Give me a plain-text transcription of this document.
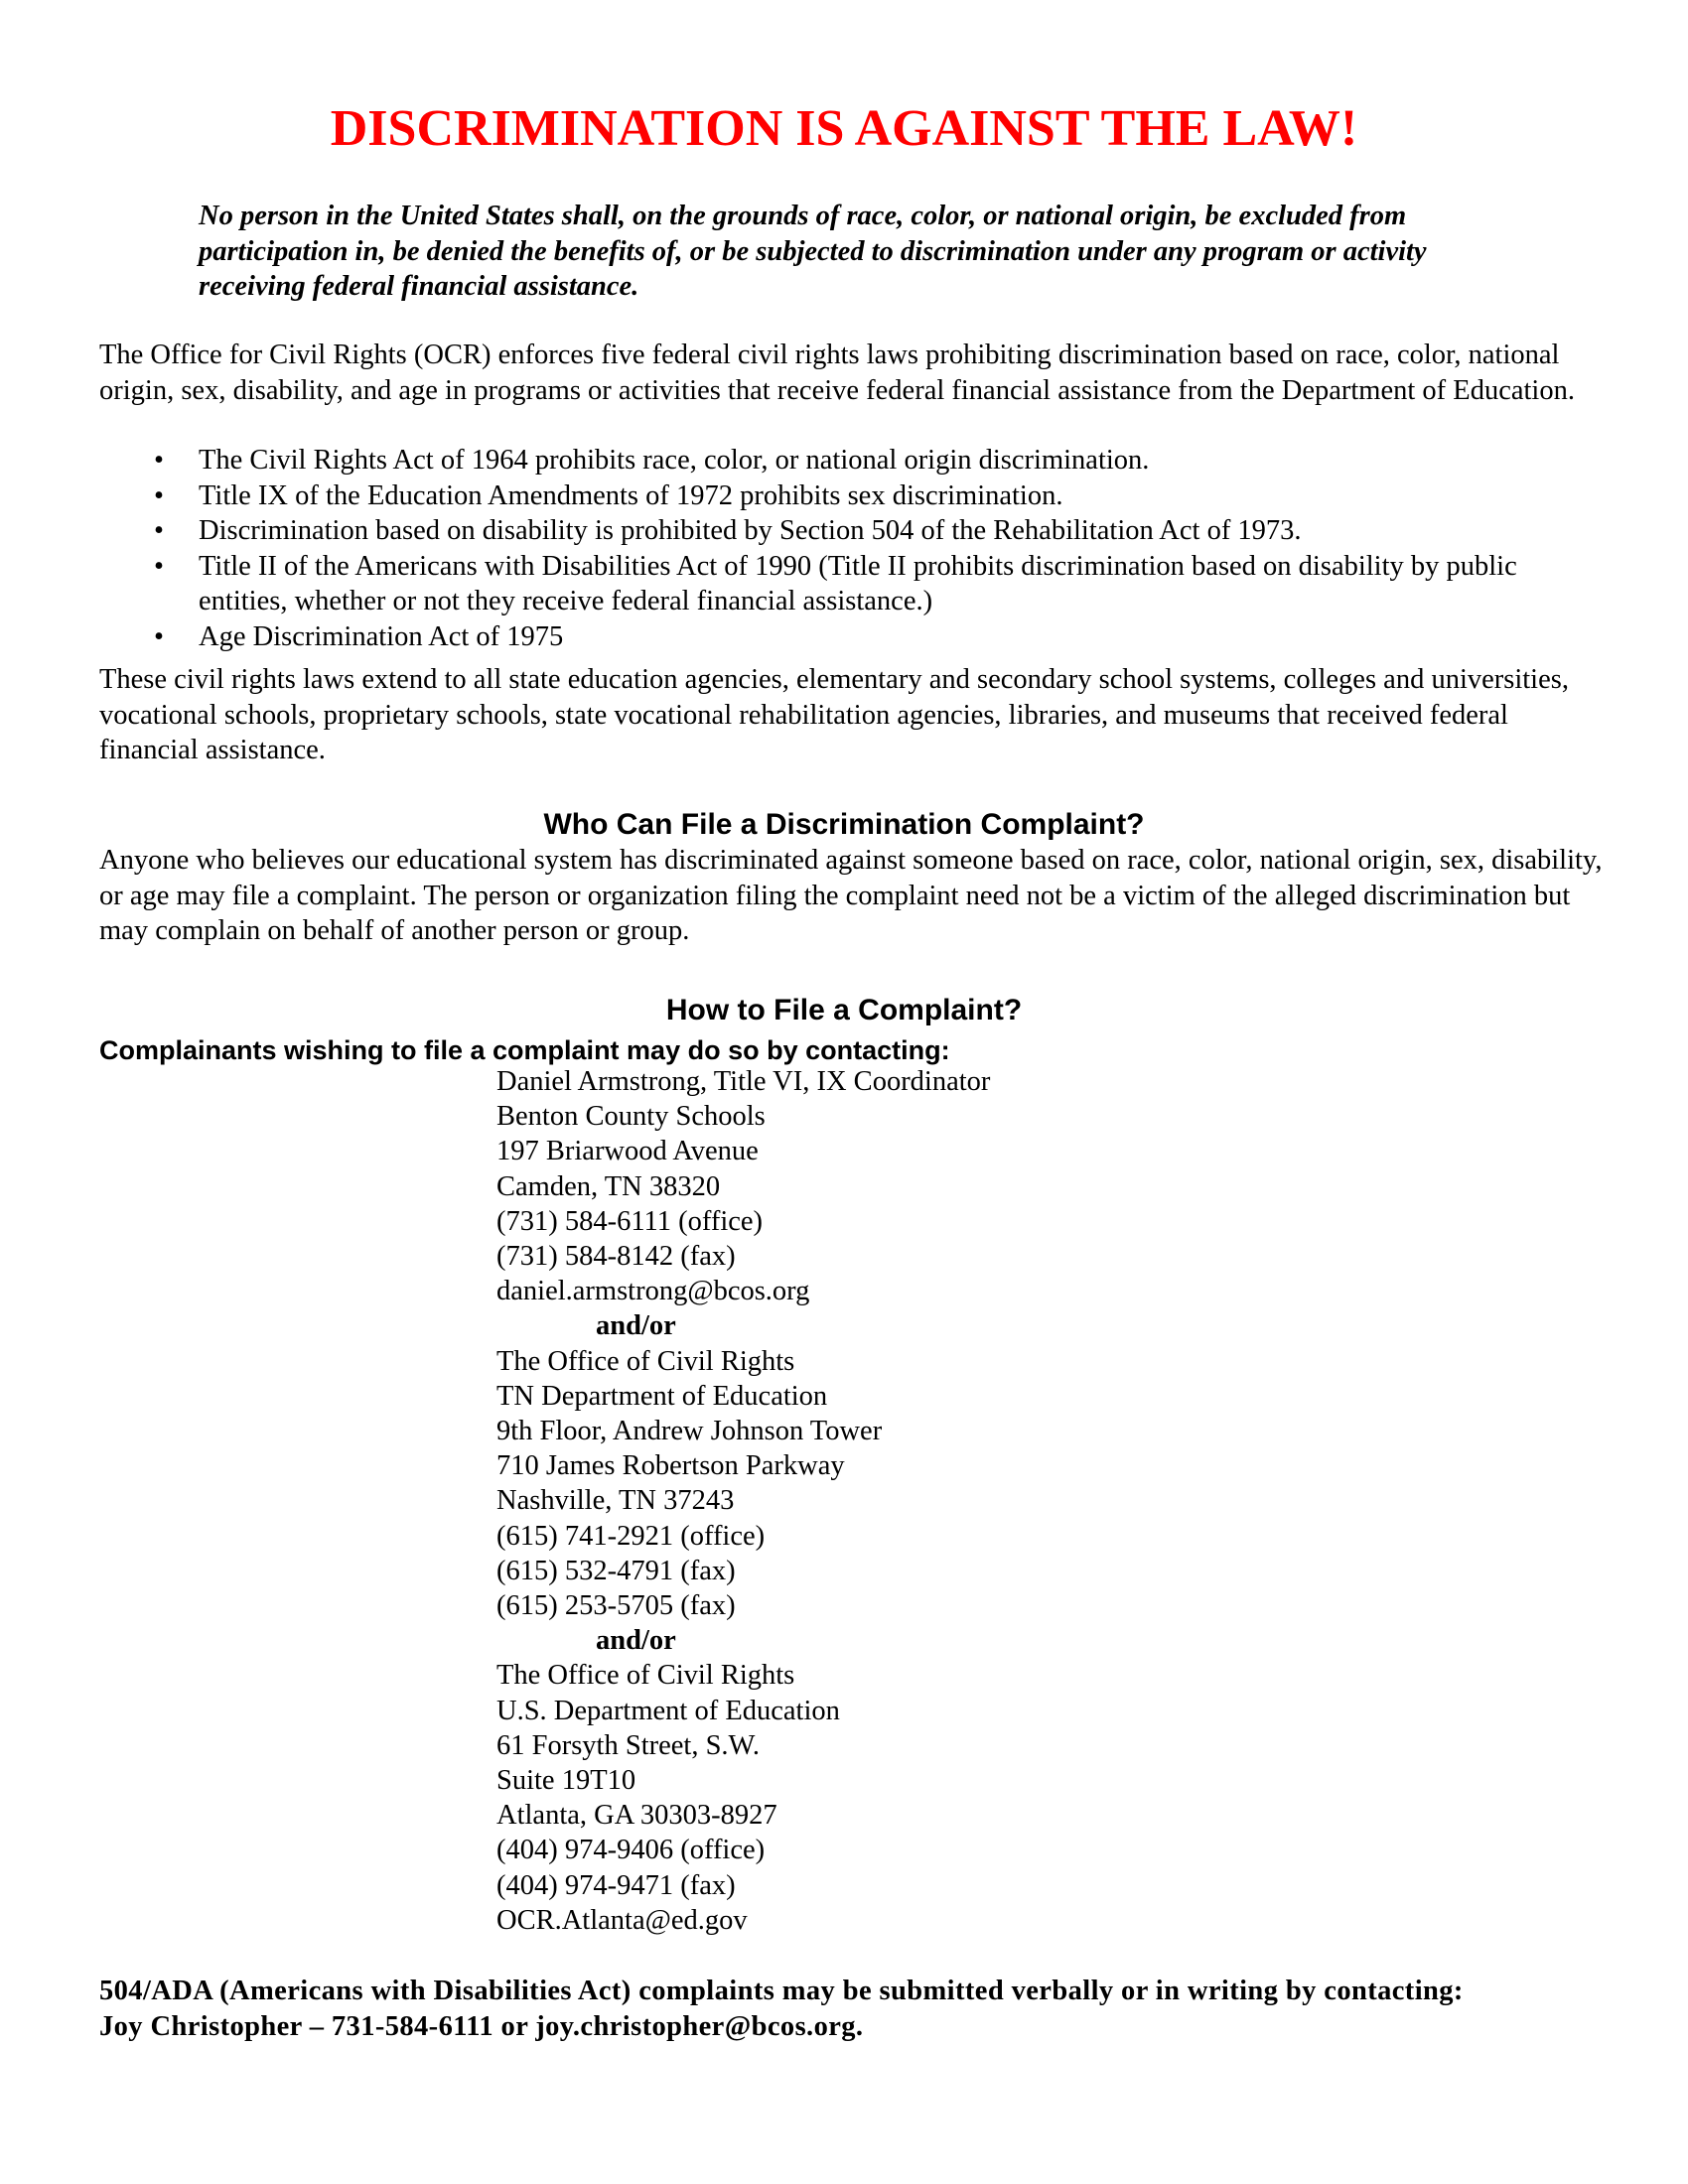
DISCRIMINATION IS AGAINST THE LAW!

No person in the United States shall, on the grounds of race, color, or national origin, be excluded from participation in, be denied the benefits of, or be subjected to discrimination under any program or activity receiving federal financial assistance.

The Office for Civil Rights (OCR) enforces five federal civil rights laws prohibiting discrimination based on race, color, national origin, sex, disability, and age in programs or activities that receive federal financial assistance from the Department of Education.

• The Civil Rights Act of 1964 prohibits race, color, or national origin discrimination.
• Title IX of the Education Amendments of 1972 prohibits sex discrimination.
• Discrimination based on disability is prohibited by Section 504 of the Rehabilitation Act of 1973.
• Title II of the Americans with Disabilities Act of 1990 (Title II prohibits discrimination based on disability by public entities, whether or not they receive federal financial assistance.)
• Age Discrimination Act of 1975

These civil rights laws extend to all state education agencies, elementary and secondary school systems, colleges and universities, vocational schools, proprietary schools, state vocational rehabilitation agencies, libraries, and museums that received federal financial assistance.

Who Can File a Discrimination Complaint?

Anyone who believes our educational system has discriminated against someone based on race, color, national origin, sex, disability, or age may file a complaint. The person or organization filing the complaint need not be a victim of the alleged discrimination but may complain on behalf of another person or group.

How to File a Complaint?

Complainants wishing to file a complaint may do so by contacting:

Daniel Armstrong, Title VI, IX Coordinator
Benton County Schools
197 Briarwood Avenue
Camden, TN 38320
(731) 584-6111 (office)
(731) 584-8142 (fax)
daniel.armstrong@bcos.org
and/or
The Office of Civil Rights
TN Department of Education
9th Floor, Andrew Johnson Tower
710 James Robertson Parkway
Nashville, TN 37243
(615) 741-2921 (office)
(615) 532-4791 (fax)
(615) 253-5705 (fax)
and/or
The Office of Civil Rights
U.S. Department of Education
61 Forsyth Street, S.W.
Suite 19T10
Atlanta, GA 30303-8927
(404) 974-9406 (office)
(404) 974-9471 (fax)
OCR.Atlanta@ed.gov
504/ADA (Americans with Disabilities Act) complaints may be submitted verbally or in writing by contacting:
Joy Christopher – 731-584-6111 or joy.christopher@bcos.org.
